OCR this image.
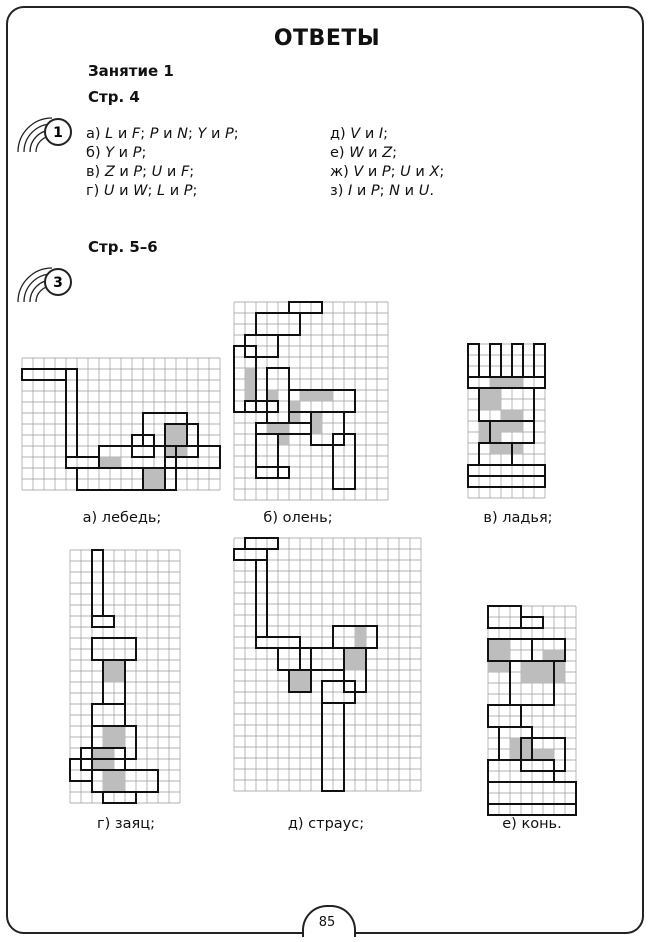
ОТВЕТЫ
Занятие 1
Стр. 4
1 а) L и F; P и N; Y и P;
б) Y и P;
в) Z и P; U и F;
г) U и W; L и P;
д) V и I;
е) W и Z;
ж) V и P; U и X;
з) I и P; N и U.
Стр. 5–6
3
а) лебедь;	б) олень;	в) ладья;
г) заяц;	д) страус;	е) конь.
85
